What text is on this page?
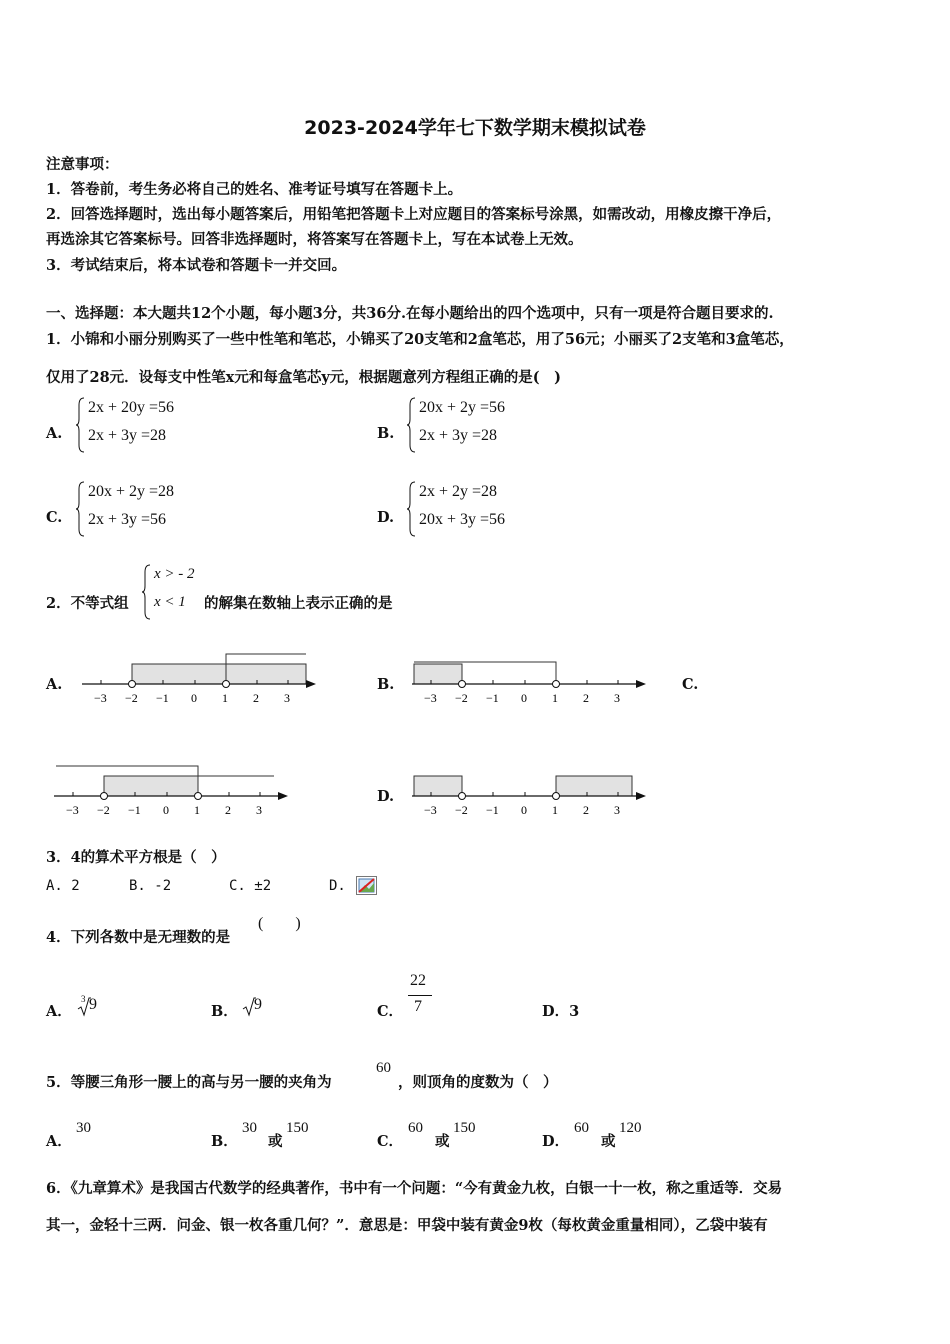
2023-2024学年七下数学期末模拟试卷
注意事项：
1．答卷前，考生务必将自己的姓名、准考证号填写在答题卡上。
2．回答选择题时，选出每小题答案后，用铅笔把答题卡上对应题目的答案标号涂黑，如需改动，用橡皮擦干净后，
再选涂其它答案标号。回答非选择题时，将答案写在答题卡上，写在本试卷上无效。
3．考试结束后，将本试卷和答题卡一并交回。
一、选择题：本大题共12个小题，每小题3分，共36分.在每小题给出的四个选项中，只有一项是符合题目要求的.
1．小锦和小丽分别购买了一些中性笔和笔芯，小锦买了20支笔和2盒笔芯，用了56元；小丽买了2支笔和3盒笔芯，
仅用了28元．设每支中性笔x元和每盒笔芯y元，根据题意列方程组正确的是(　)
A.
2x + 20y =56
2x + 3y =28	B.
20x + 2y =56
2x + 3y =28
C.
20x + 2y =28
2x + 3y =56	D.
2x + 2y =28
20x + 3y =56
2．不等式组
x > - 2
x < 1 的解集在数轴上表示正确的是
A.	B.	C.
D.
−3 −2 −1 0 1 2 3	−3 −2 −1 0 1 2 3
−3 −2 −1 0 1 2 3	−3 −2 −1 0 1 2 3
3．4的算术平方根是（　）
A. 2	B. -2	C. ±2	D.
4．下列各数中是无理数的是
(　　)
A．
3 9	B． 9	C．
22
7	D．3
5．等腰三角形一腰上的高与另一腰的夹角为
60
，则顶角的度数为（　）
A．
30
B．
30
或
150
C．
60
或
150
D．
60
或
120
6．《九章算术》是我国古代数学的经典著作，书中有一个问题：“今有黄金九枚，白银一十一枚，称之重适等．交易
其一，金轻十三两．问金、银一枚各重几何？”．意思是：甲袋中装有黄金9枚（每枚黄金重量相同），乙袋中装有
